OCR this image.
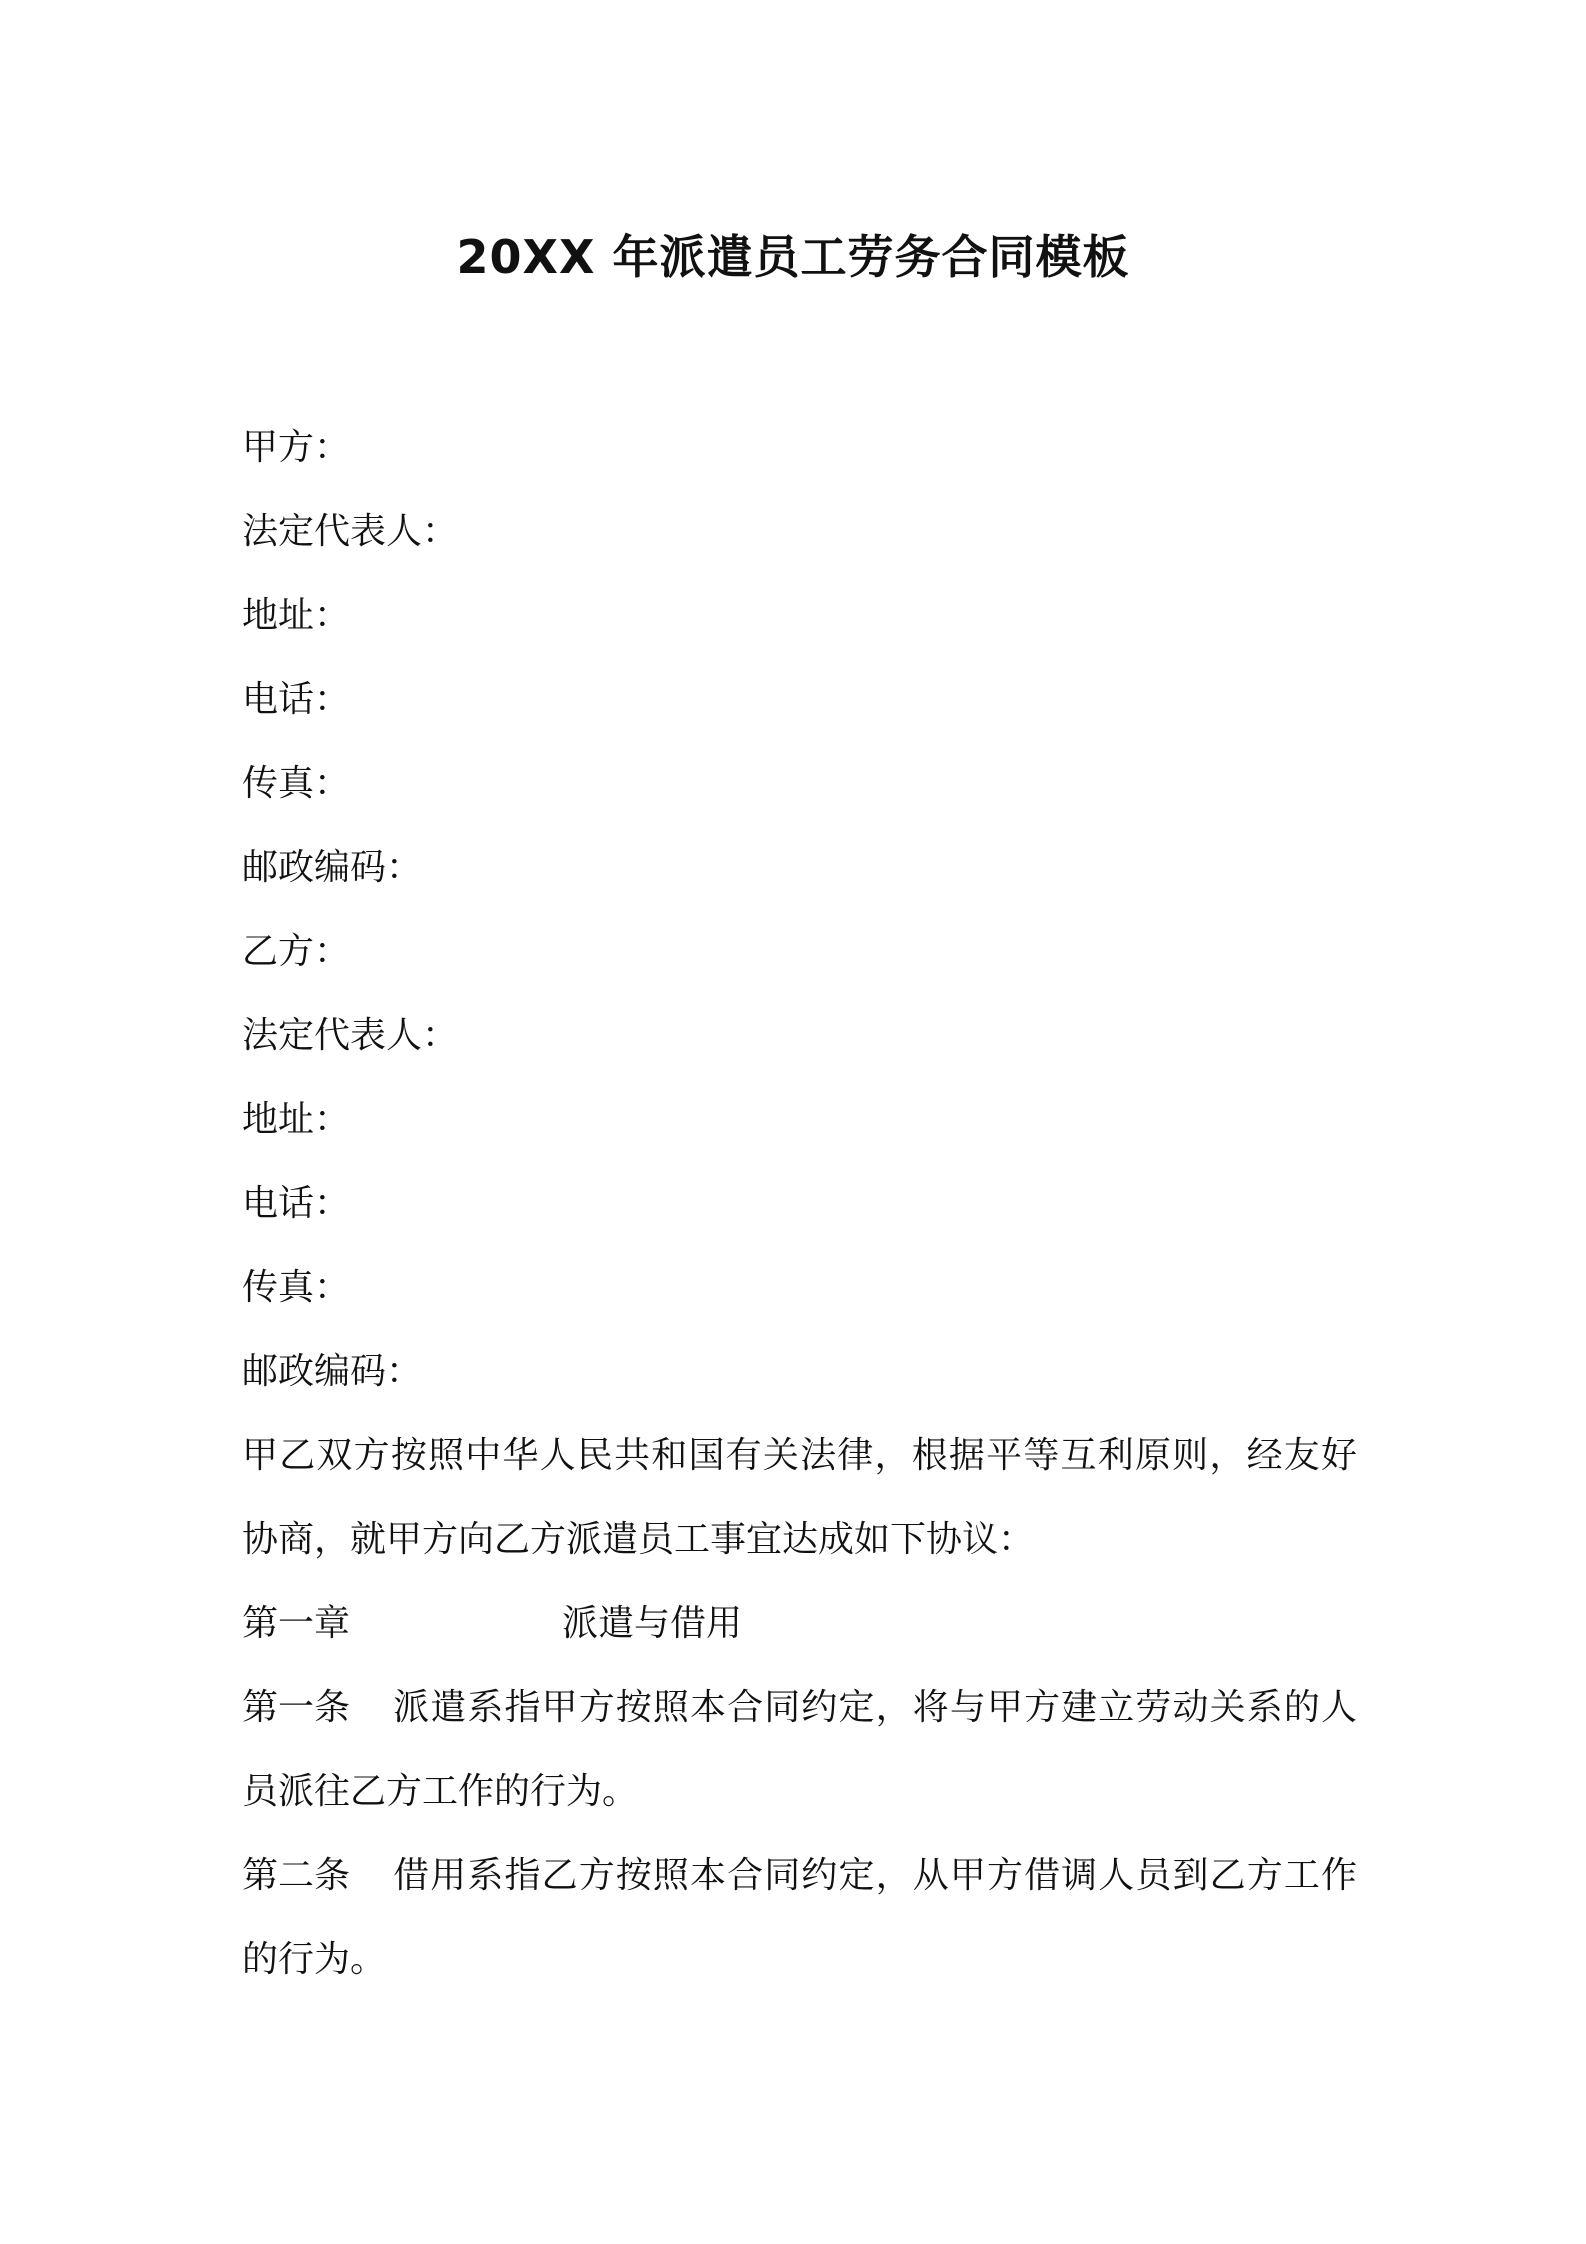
20XX 年派遣员工劳务合同模板
甲方：
法定代表人：
地址：
电话：
传真：
邮政编码：
乙方：
法定代表人：
地址：
电话：
传真：
邮政编码：
甲乙双方按照中华人民共和国有关法律，根据平等互利原则，经友好协商，就甲方向乙方派遣员工事宜达成如下协议：
第一章	派遣与借用
第一条 派遣系指甲方按照本合同约定，将与甲方建立劳动关系的人员派往乙方工作的行为。
第二条 借用系指乙方按照本合同约定，从甲方借调人员到乙方工作的行为。
